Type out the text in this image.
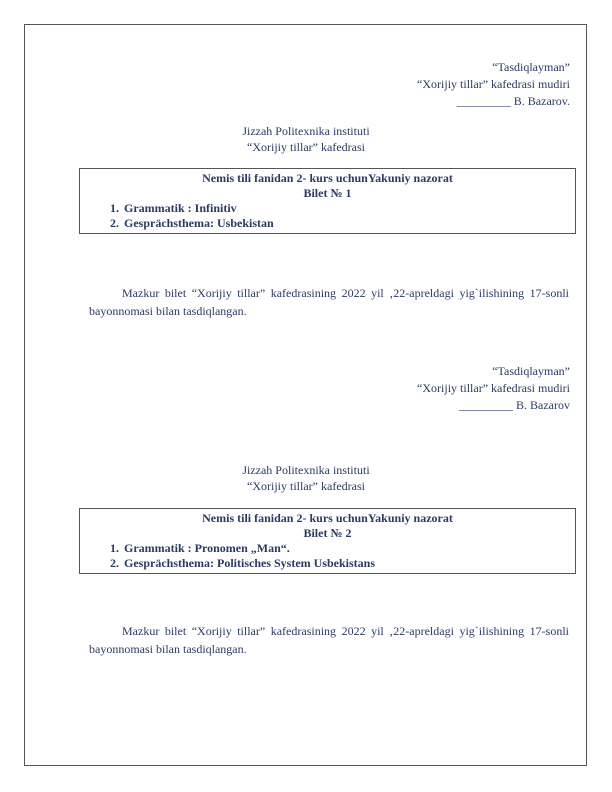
“Tasdiqlayman”
“Xorijiy tillar” kafedrasi mudiri
_________ B. Bazarov.
Jizzah Politexnika instituti
“Xorijiy tillar” kafedrasi
Nemis tili fanidan 2- kurs uchunYakuniy nazorat
Bilet № 1
1. Grammatik : Infinitiv
2. Gesprächsthema: Usbekistan
Mazkur bilet “Xorijiy tillar” kafedrasining 2022 yil ‚22-apreldagi yig`ilishining 17-sonli bayonnomasi bilan tasdiqlangan.
“Tasdiqlayman”
“Xorijiy tillar” kafedrasi mudiri
_________ B. Bazarov
Jizzah Politexnika instituti
“Xorijiy tillar” kafedrasi
Nemis tili fanidan 2- kurs uchunYakuniy nazorat
Bilet № 2
1. Grammatik : Pronomen „Man“.
2. Gesprächsthema: Politisches System Usbekistans
Mazkur bilet “Xorijiy tillar” kafedrasining 2022 yil ‚22-apreldagi yig`ilishining 17-sonli bayonnomasi bilan tasdiqlangan.
